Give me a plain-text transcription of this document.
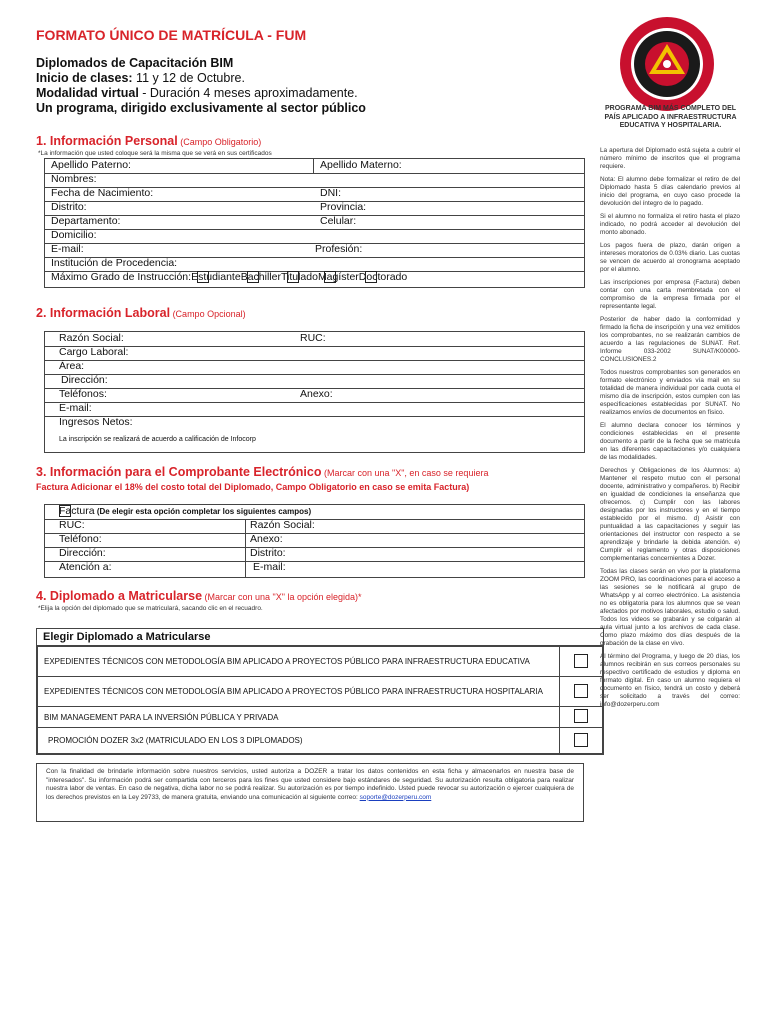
FORMATO ÚNICO DE MATRÍCULA - FUM
Diplomados de Capacitación BIM
Inicio de clases: 11 y 12 de Octubre.
Modalidad virtual - Duración 4 meses aproximadamente.
Un programa, dirigido exclusivamente al sector público	PROGRAMA BIM MÁS COMPLETO DEL PAÍS APLICADO A INFRAESTRUCTURA EDUCATIVA Y HOSPITALARIA.

La apertura del Diplomado está sujeta a cubrir el número mínimo de inscritos que el programa requiere.

Nota: El alumno debe formalizar el retiro de del Diplomado hasta 5 días calendario previos al inicio del programa, en cuyo caso procede la devolución del íntegro de lo pagado.

Si el alumno no formaliza el retiro hasta el plazo indicado, no podrá acceder al devolución del monto abonado.

Los pagos fuera de plazo, darán origen a intereses moratorios de 0.03% diario. Las cuotas se vencen de acuerdo al cronograma aceptado por el alumno.

Las inscripciones por empresa (Factura) deben contar con una carta membretada con el compromiso de la empresa firmada por el representante legal.

Posterior de haber dado la conformidad y firmado la ficha de inscripción y una vez emitidos los comprobantes, no se realizarán cambios de acuerdo a las regulaciones de SUNAT. Ref. Informe 033-2002 SUNAT/K00000-CONCLUSIONES.2

Todos nuestros comprobantes son generados en formato electrónico y enviados vía mail en su totalidad de manera individual por cada cuota el mismo día de inscripción, estos cumplen con las especificaciones establecidas por SUNAT. No realizamos envíos de documentos en físico.

El alumno declara conocer los términos y condiciones establecidas en el presente documento a partir de la fecha que se matricula en las diferentes capacitaciones y/o cualquiera de las modalidades.

Derechos y Obligaciones de los Alumnos: a) Mantener el respeto mutuo con el personal docente, administrativo y compañeros. b) Recibir en igualdad de condiciones la enseñanza que ofrecemos. c) Cumplir con las labores designadas por los instructores y en el tiempo establecido por el mismo. d) Asistir con puntualidad a las capacitaciones y seguir las orientaciones del instructor con respecto a se aprendizaje y brindarle la debida atención. e) Cumplir el reglamento y otras disposiciones complementarias concernientes a Dozer.

Todas las clases serán en vivo por la plataforma ZOOM PRO, las coordinaciones para el acceso a las sesiones se le notificará al grupo de WhatsApp y al correo electrónico. La asistencia no es obligatoria para los alumnos que se vean afectados por motivos laborales, estudio o salud. Todos los videos se grabarán y se colgarán al aula virtual junto a los archivos de cada clase. Como plazo máximo dos días después de la grabación de la clase en vivo.

Al término del Programa, y luego de 20 días, los alumnos recibirán en sus correos personales su respectivo certificado de estudios y diploma en formato digital. En caso un alumno requiera el documento en físico, tendrá un costo y deberá ser solicitado a través del correo: info@dozerperu.com

1. Información Personal (Campo Obligatorio)
*La información que usted coloque será la misma que se verá en sus certificados
Apellido Paterno:	Apellido Materno:
Nombres:
Fecha de Nacimiento:	DNI:
Distrito:	Provincia:
Departamento:	Celular:
Domicilio:
E-mail:	Profesión:
Institución de Procedencia:
Máximo Grado de Instrucción:
Estudiante
Bachiller
Titulado
Magíster
Doctorado
2. Información Laboral (Campo Opcional)
Razón Social:	RUC:
Cargo Laboral:
Área:
Dirección:
Teléfonos:	Anexo:
E-mail:
Ingresos Netos:
La inscripción se realizará de acuerdo a calificación de Infocorp
3. Información para el Comprobante Electrónico (Marcar con una "X", en caso se requiera
Factura Adicionar el 18% del costo total del Diplomado, Campo Obligatorio en caso se emita Factura)
Factura (De elegir esta opción completar los siguientes campos)
RUC:	Razón Social:
Teléfono:	Anexo:
Dirección:	Distrito:
Atención a:	E-mail:
4. Diplomado a Matricularse (Marcar con una "X" la opción elegida)*
*Elija la opción del diplomado que se matriculará, sacando clic en el recuadro.
Elegir Diplomado a Matricularse
EXPEDIENTES TÉCNICOS CON METODOLOGÍA BIM APLICADO A PROYECTOS PÚBLICO PARA INFRAESTRUCTURA EDUCATIVA	
EXPEDIENTES TÉCNICOS CON METODOLOGÍA BIM APLICADO A PROYECTOS PÚBLICO PARA INFRAESTRUCTURA HOSPITALARIA	
BIM MANAGEMENT PARA LA INVERSIÓN PÚBLICA Y PRIVADA	
PROMOCIÓN DOZER 3x2 (MATRICULADO EN LOS 3 DIPLOMADOS)	
Con la finalidad de brindarle información sobre nuestros servicios, usted autoriza a DOZER a tratar los datos contenidos en esta ficha y almacenarlos en nuestra base de "interesados". Su información podrá ser compartida con terceros para los fines que usted considere bajo estándares de seguridad. Su autorización resulta obligatoria para realizar nuestra labor de ventas. En caso de negativa, dicha labor no se podrá realizar. Su autorización es por tiempo indefinido. Usted puede revocar su autorización o ejercer cualquiera de los derechos previstos en la Ley 29733, de manera gratuita, enviando una comunicación al siguiente correo: soporte@dozerperu.com
